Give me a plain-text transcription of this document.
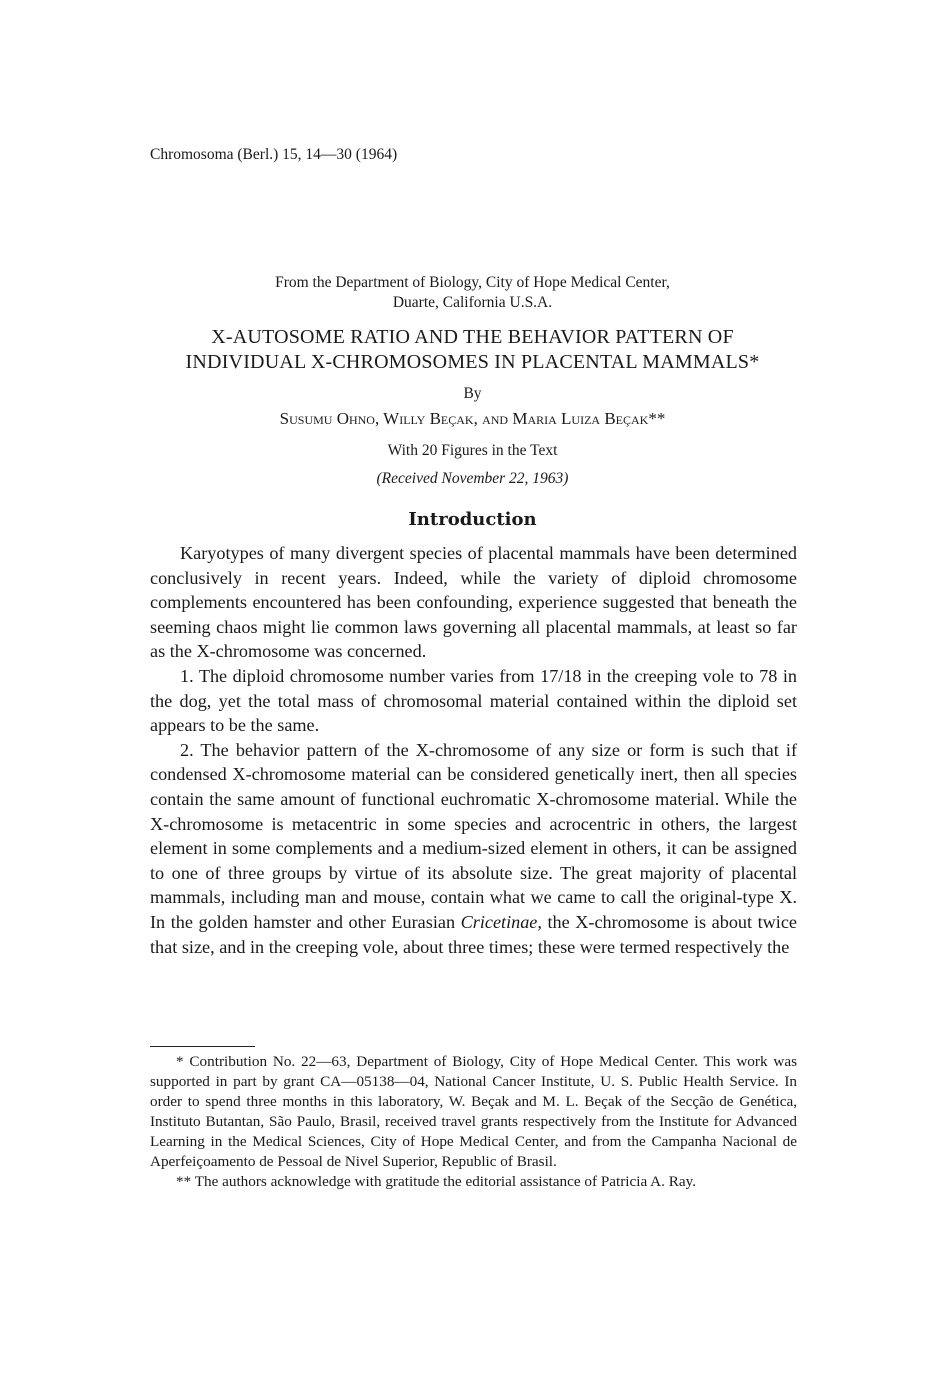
Chromosoma (Berl.) 15, 14—30 (1964)
From the Department of Biology, City of Hope Medical Center,
Duarte, California U.S.A.
X-AUTOSOME RATIO AND THE BEHAVIOR PATTERN OF
INDIVIDUAL X-CHROMOSOMES IN PLACENTAL MAMMALS*
By
Susumu Ohno, Willy Beçak, and Maria Luiza Beçak**
With 20 Figures in the Text
(Received November 22, 1963)
Introduction

Karyotypes of many divergent species of placental mammals have been determined conclusively in recent years. Indeed, while the variety of diploid chromosome complements encountered has been confounding, experience suggested that beneath the seeming chaos might lie common laws governing all placental mammals, at least so far as the X-chromosome was concerned.

1. The diploid chromosome number varies from 17/18 in the creeping vole to 78 in the dog, yet the total mass of chromosomal material contained within the diploid set appears to be the same.

2. The behavior pattern of the X-chromosome of any size or form is such that if condensed X-chromosome material can be considered genetically inert, then all species contain the same amount of functional euchromatic X-chromosome material. While the X-chromosome is metacentric in some species and acrocentric in others, the largest element in some complements and a medium-sized element in others, it can be assigned to one of three groups by virtue of its absolute size. The great majority of placental mammals, including man and mouse, contain what we came to call the original-type X. In the golden hamster and other Eurasian Cricetinae, the X-chromosome is about twice that size, and in the creeping vole, about three times; these were termed respectively the

* Contribution No. 22—63, Department of Biology, City of Hope Medical Center. This work was supported in part by grant CA—05138—04, National Cancer Institute, U. S. Public Health Service. In order to spend three months in this laboratory, W. Beçak and M. L. Beçak of the Secção de Genética, Instituto Butantan, São Paulo, Brasil, received travel grants respectively from the Institute for Advanced Learning in the Medical Sciences, City of Hope Medical Center, and from the Campanha Nacional de Aperfeiçoamento de Pessoal de Nivel Superior, Republic of Brasil.

** The authors acknowledge with gratitude the editorial assistance of Patricia A. Ray.
